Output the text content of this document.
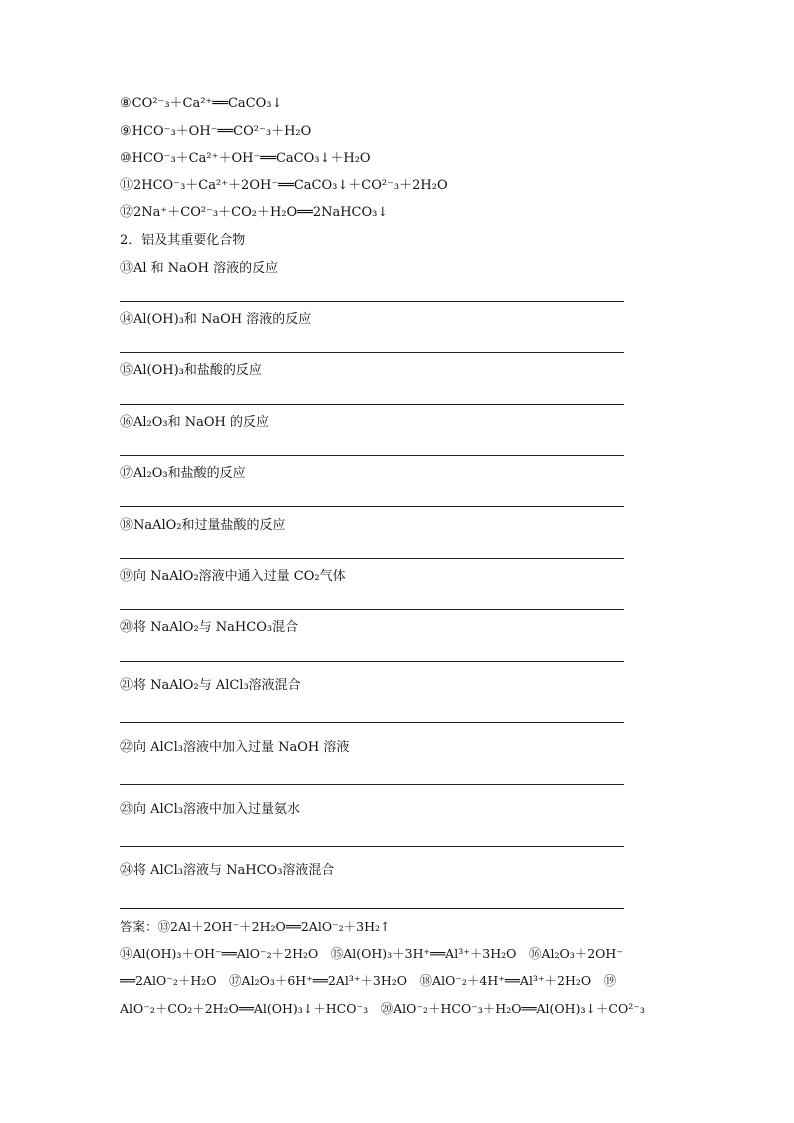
⑧CO²⁻₃＋Ca²⁺══CaCO₃↓
⑨HCO⁻₃＋OH⁻══CO²⁻₃＋H₂O
⑩HCO⁻₃＋Ca²⁺＋OH⁻══CaCO₃↓＋H₂O
⑪2HCO⁻₃＋Ca²⁺＋2OH⁻══CaCO₃↓＋CO²⁻₃＋2H₂O
⑫2Na⁺＋CO²⁻₃＋CO₂＋H₂O══2NaHCO₃↓
2．铝及其重要化合物
⑬Al 和 NaOH 溶液的反应
⑭Al(OH)₃和 NaOH 溶液的反应
⑮Al(OH)₃和盐酸的反应
⑯Al₂O₃和 NaOH 的反应
⑰Al₂O₃和盐酸的反应
⑱NaAlO₂和过量盐酸的反应
⑲向 NaAlO₂溶液中通入过量 CO₂气体
⑳将 NaAlO₂与 NaHCO₃混合
㉑将 NaAlO₂与 AlCl₃溶液混合
㉒向 AlCl₃溶液中加入过量 NaOH 溶液
㉓向 AlCl₃溶液中加入过量氨水
㉔将 AlCl₃溶液与 NaHCO₃溶液混合
答案：⑬2Al＋2OH⁻＋2H₂O══2AlO⁻₂＋3H₂↑
⑭Al(OH)₃＋OH⁻══AlO⁻₂＋2H₂O　⑮Al(OH)₃＋3H⁺══Al³⁺＋3H₂O　⑯Al₂O₃＋2OH⁻
══2AlO⁻₂＋H₂O　⑰Al₂O₃＋6H⁺══2Al³⁺＋3H₂O　⑱AlO⁻₂＋4H⁺══Al³⁺＋2H₂O　⑲
AlO⁻₂＋CO₂＋2H₂O══Al(OH)₃↓＋HCO⁻₃　⑳AlO⁻₂＋HCO⁻₃＋H₂O══Al(OH)₃↓＋CO²⁻₃
